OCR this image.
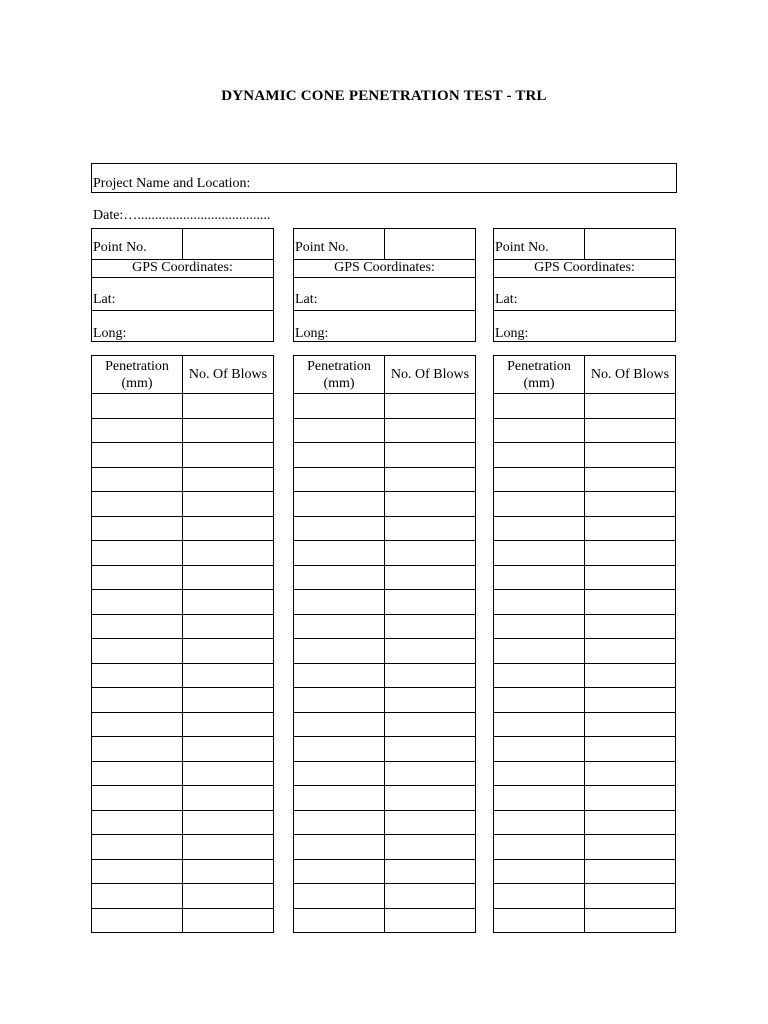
DYNAMIC CONE PENETRATION TEST - TRL
Project Name and Location:
Date:…......................................
Point No.
GPS Coordinates:
Lat:
Long:
Point No.
GPS Coordinates:
Lat:
Long:
Point No.
GPS Coordinates:
Lat:
Long:
Penetration
(mm)	No. Of Blows

Penetration
(mm)	No. Of Blows

Penetration
(mm)	No. Of Blows
